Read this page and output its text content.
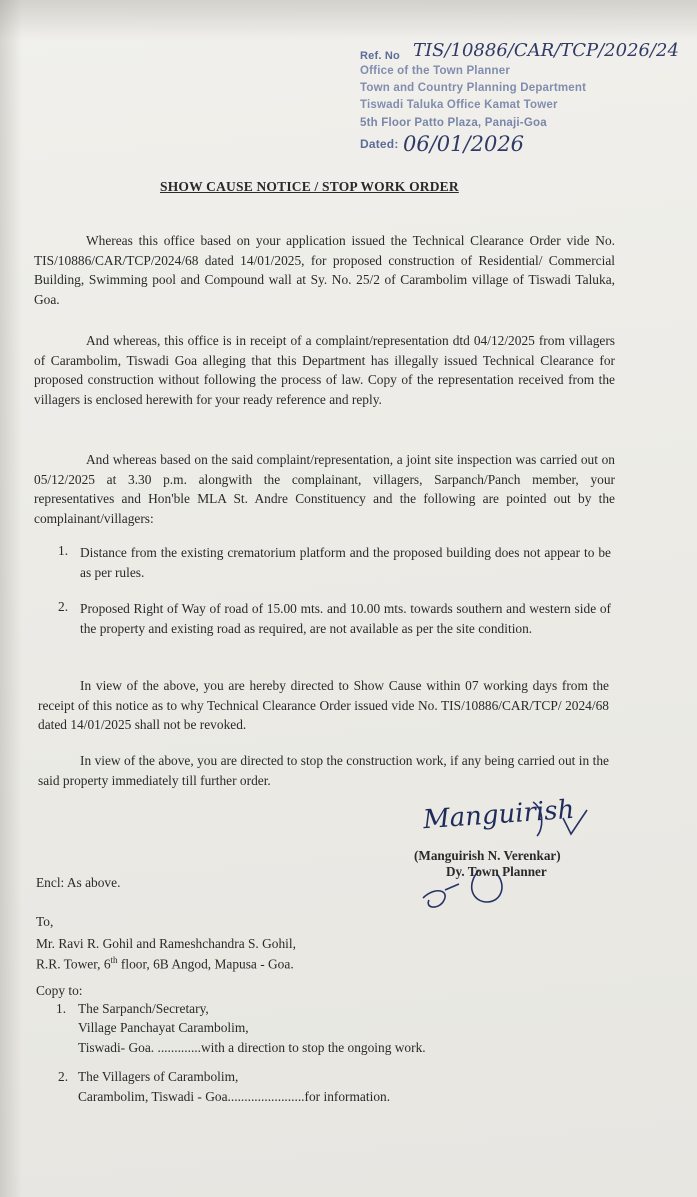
Ref. No
Office of the Town Planner
Town and Country Planning Department
Tiswadi Taluka Office Kamat Tower
5th Floor Patto Plaza, Panaji-Goa
Dated:
TIS/10886/CAR/TCP/2026/24
06/01/2026
SHOW CAUSE NOTICE / STOP WORK ORDER
Whereas this office based on your application issued the Technical Clearance Order vide No. TIS/10886/CAR/TCP/2024/68 dated 14/01/2025, for proposed construction of Residential/ Commercial Building, Swimming pool and Compound wall at Sy. No. 25/2 of Carambolim village of Tiswadi Taluka, Goa.
And whereas, this office is in receipt of a complaint/representation dtd 04/12/2025 from villagers of Carambolim, Tiswadi Goa alleging that this Department has illegally issued Technical Clearance for proposed construction without following the process of law. Copy of the representation received from the villagers is enclosed herewith for your ready reference and reply.
And whereas based on the said complaint/representation, a joint site inspection was carried out on 05/12/2025 at 3.30 p.m. alongwith the complainant, villagers, Sarpanch/Panch member, your representatives and Hon'ble MLA St. Andre Constituency and the following are pointed out by the complainant/villagers:
1. Distance from the existing crematorium platform and the proposed building does not appear to be as per rules.
2. Proposed Right of Way of road of 15.00 mts. and 10.00 mts. towards southern and western side of the property and existing road as required, are not available as per the site condition.
In view of the above, you are hereby directed to Show Cause within 07 working days from the receipt of this notice as to why Technical Clearance Order issued vide No. TIS/10886/CAR/TCP/ 2024/68 dated 14/01/2025 shall not be revoked.
In view of the above, you are directed to stop the construction work, if any being carried out in the said property immediately till further order.
Manguirish
(Manguirish N. Verenkar)
Dy. Town Planner
Encl: As above.
To,
Mr. Ravi R. Gohil and Rameshchandra S. Gohil,
R.R. Tower, 6th floor, 6B Angod, Mapusa - Goa.
Copy to:
1. The Sarpanch/Secretary,
Village Panchayat Carambolim,
Tiswadi- Goa. .............with a direction to stop the ongoing work.
2. The Villagers of Carambolim,
Carambolim, Tiswadi - Goa.......................for information.
